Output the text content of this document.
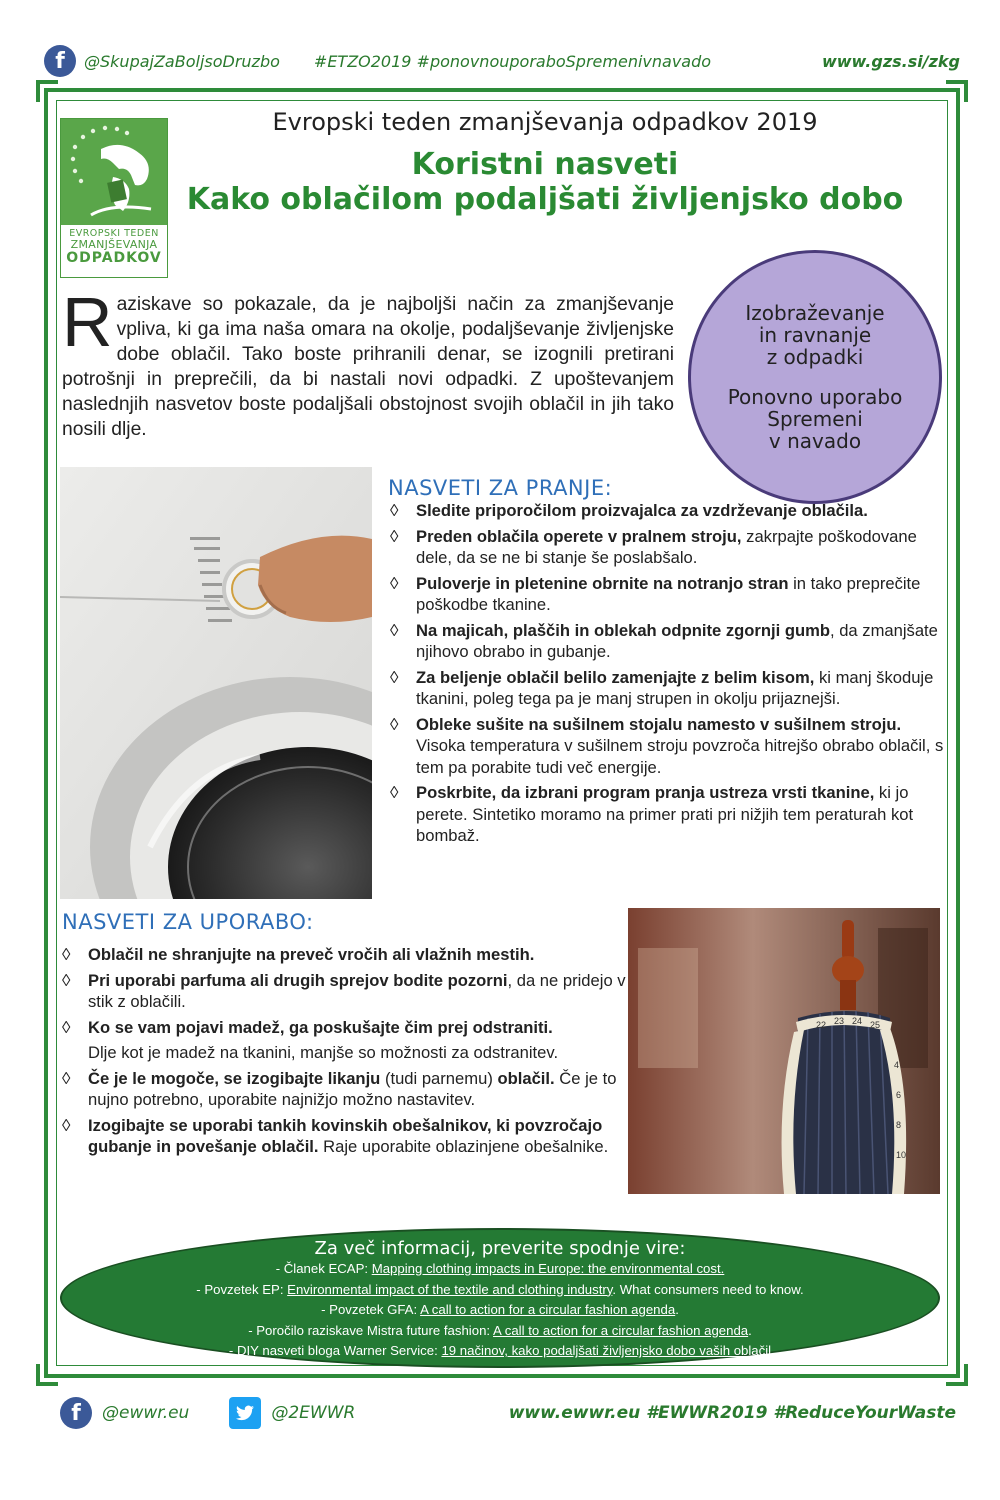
f	@SkupajZaBoljsoDruzbo #ETZO2019 #ponovnouporaboSpremenivnavado	www.gzs.si/zkg
EVROPSKI TEDEN
ZMANJŠEVANJA
ODPADKOV
Evropski teden zmanjševanja odpadkov 2019
Koristni nasveti
Kako oblačilom podaljšati življenjsko dobo
Raziskave so pokazale, da je najboljši način za zmanjševanje vpliva, ki ga ima naša omara na okolje, podaljševanje življenjske dobe oblačil. Tako boste prihranili denar, se izognili pretirani potrošnji in preprečili, da bi nastali novi odpadki. Z upoštevanjem naslednjih nasvetov boste podaljšali obstojnost svojih oblačil in jih tako nosili dlje.
Izobraževanje
in ravnanje
z odpadki
Ponovno uporabo
Spremeni
v navado
NASVETI ZA PRANJE:
◊ Sledite priporočilom proizvajalca za vzdrževanje oblačila.
◊ Preden oblačila operete v pralnem stroju, zakrpajte poškodovane dele, da se ne bi stanje še poslabšalo.
◊ Puloverje in pletenine obrnite na notranjo stran in tako preprečite poškodbe tkanine.
◊ Na majicah, plaščih in oblekah odpnite zgornji gumb, da zmanjšate njihovo obrabo in gubanje.
◊ Za beljenje oblačil belilo zamenjajte z belim kisom, ki manj škoduje tkanini, poleg tega pa je manj strupen in okolju prijaznejši.
◊ Obleke sušite na sušilnem stojalu namesto v sušilnem stroju. Visoka temperatura v sušilnem stroju povzroča hitrejšo obrabo oblačil, s tem pa porabite tudi več energije.
◊ Poskrbite, da izbrani program pranja ustreza vrsti tkanine, ki jo perete. Sintetiko moramo na primer prati pri nižjih tem peraturah kot bombaž.
NASVETI ZA UPORABO:
◊ Oblačil ne shranjujte na preveč vročih ali vlažnih mestih.
◊ Pri uporabi parfuma ali drugih sprejov bodite pozorni, da ne pridejo v stik z oblačili.
◊ Ko se vam pojavi madež, ga poskušajte čim prej odstraniti.
Dlje kot je madež na tkanini, manjše so možnosti za odstranitev.
◊ Če je le mogoče, se izogibajte likanju (tudi parnemu) oblačil. Če je to nujno potrebno, uporabite najnižjo možno nastavitev.
◊ Izogibajte se uporabi tankih kovinskih obešalnikov, ki povzročajo gubanje in povešanje oblačil. Raje uporabite oblazinjene obešalnike.
22 23 24 25
4
6
8
10
Za več informacij, preverite spodnje vire:
- Članek ECAP: Mapping clothing impacts in Europe: the environmental cost.
- Povzetek EP: Environmental impact of the textile and clothing industry. What consumers need to know.
- Povzetek GFA: A call to action for a circular fashion agenda.
- Poročilo raziskave Mistra future fashion: A call to action for a circular fashion agenda.
- DIY nasveti bloga Warner Service: 19 načinov, kako podaljšati življenjsko dobo vaših oblačil
f	@ewwr.eu	@2EWWR	www.ewwr.eu #EWWR2019 #ReduceYourWaste
